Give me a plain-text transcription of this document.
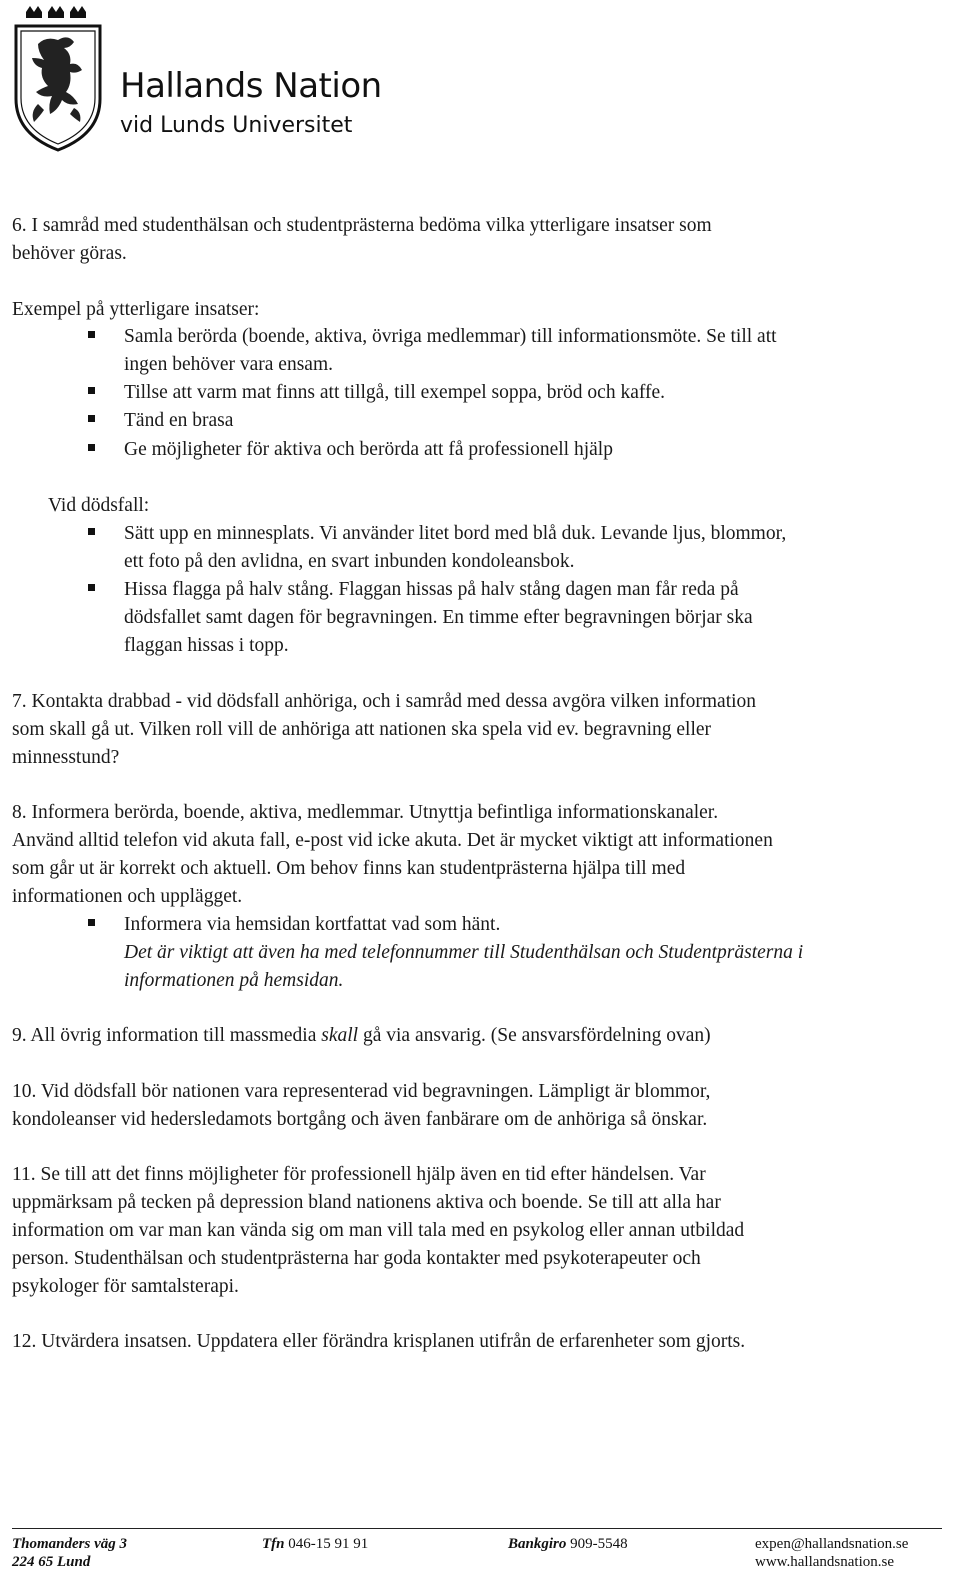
Hallands Nation
vid Lunds Universitet
6. I samråd med studenthälsan och studentprästerna bedöma vilka ytterligare insatser som
behöver göras.
Exempel på ytterligare insatser:
Samla berörda (boende, aktiva, övriga medlemmar) till informationsmöte. Se till att
ingen behöver vara ensam.
Tillse att varm mat finns att tillgå, till exempel soppa, bröd och kaffe.
Tänd en brasa
Ge möjligheter för aktiva och berörda att få professionell hjälp
Vid dödsfall:
Sätt upp en minnesplats. Vi använder litet bord med blå duk. Levande ljus, blommor,
ett foto på den avlidna, en svart inbunden kondoleansbok.
Hissa flagga på halv stång. Flaggan hissas på halv stång dagen man får reda på
dödsfallet samt dagen för begravningen. En timme efter begravningen börjar ska
flaggan hissas i topp.
7. Kontakta drabbad - vid dödsfall anhöriga, och i samråd med dessa avgöra vilken information
som skall gå ut. Vilken roll vill de anhöriga att nationen ska spela vid ev. begravning eller
minnesstund?
8. Informera berörda, boende, aktiva, medlemmar. Utnyttja befintliga informationskanaler.
Använd alltid telefon vid akuta fall, e-post vid icke akuta. Det är mycket viktigt att informationen
som går ut är korrekt och aktuell. Om behov finns kan studentprästerna hjälpa till med
informationen och upplägget.
Informera via hemsidan kortfattat vad som hänt.
Det är viktigt att även ha med telefonnummer till Studenthälsan och Studentprästerna i
informationen på hemsidan.
9. All övrig information till massmedia skall gå via ansvarig. (Se ansvarsfördelning ovan)
10. Vid dödsfall bör nationen vara representerad vid begravningen. Lämpligt är blommor,
kondoleanser vid hedersledamots bortgång och även fanbärare om de anhöriga så önskar.
11. Se till att det finns möjligheter för professionell hjälp även en tid efter händelsen. Var
uppmärksam på tecken på depression bland nationens aktiva och boende. Se till att alla har
information om var man kan vända sig om man vill tala med en psykolog eller annan utbildad
person. Studenthälsan och studentprästerna har goda kontakter med psykoterapeuter och
psykologer för samtalsterapi.
12. Utvärdera insatsen. Uppdatera eller förändra krisplanen utifrån de erfarenheter som gjorts.
Thomanders väg 3
224 65 Lund
Tfn 046-15 91 91	Bankgiro 909-5548	expen@hallandsnation.se
www.hallandsnation.se
